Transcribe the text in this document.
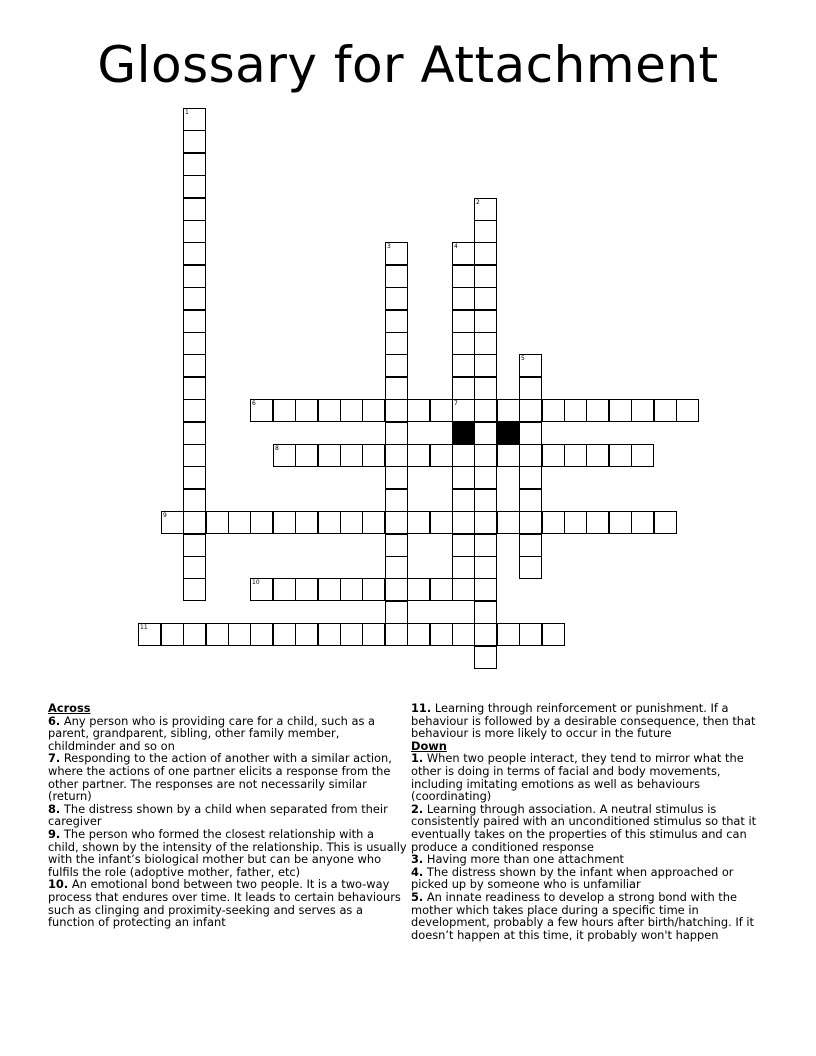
Glossary for Attachment
1
2
3	4
7
5
6
8
9
10
11
Across
6. Any person who is providing care for a child, such as a parent, grandparent, sibling, other family member, childminder and so on
7. Responding to the action of another with a similar action, where the actions of one partner elicits a response from the other partner. The responses are not necessarily similar (return)
8. The distress shown by a child when separated from their caregiver
9. The person who formed the closest relationship with a child, shown by the intensity of the relationship. This is usually with the infant’s biological mother but can be anyone who fulfils the role (adoptive mother, father, etc)
10. An emotional bond between two people. It is a two-way process that endures over time. It leads to certain behaviours such as clinging and proximity-seeking and serves as a function of protecting an infant
11. Learning through reinforcement or punishment. If a behaviour is followed by a desirable consequence, then that behaviour is more likely to occur in the future
Down
1. When two people interact, they tend to mirror what the other is doing in terms of facial and body movements, including imitating emotions as well as behaviours (coordinating)
2. Learning through association. A neutral stimulus is consistently paired with an unconditioned stimulus so that it eventually takes on the properties of this stimulus and can produce a conditioned response
3. Having more than one attachment
4. The distress shown by the infant when approached or picked up by someone who is unfamiliar
5. An innate readiness to develop a strong bond with the mother which takes place during a specific time in development, probably a few hours after birth/hatching. If it doesn’t happen at this time, it probably won't happen
